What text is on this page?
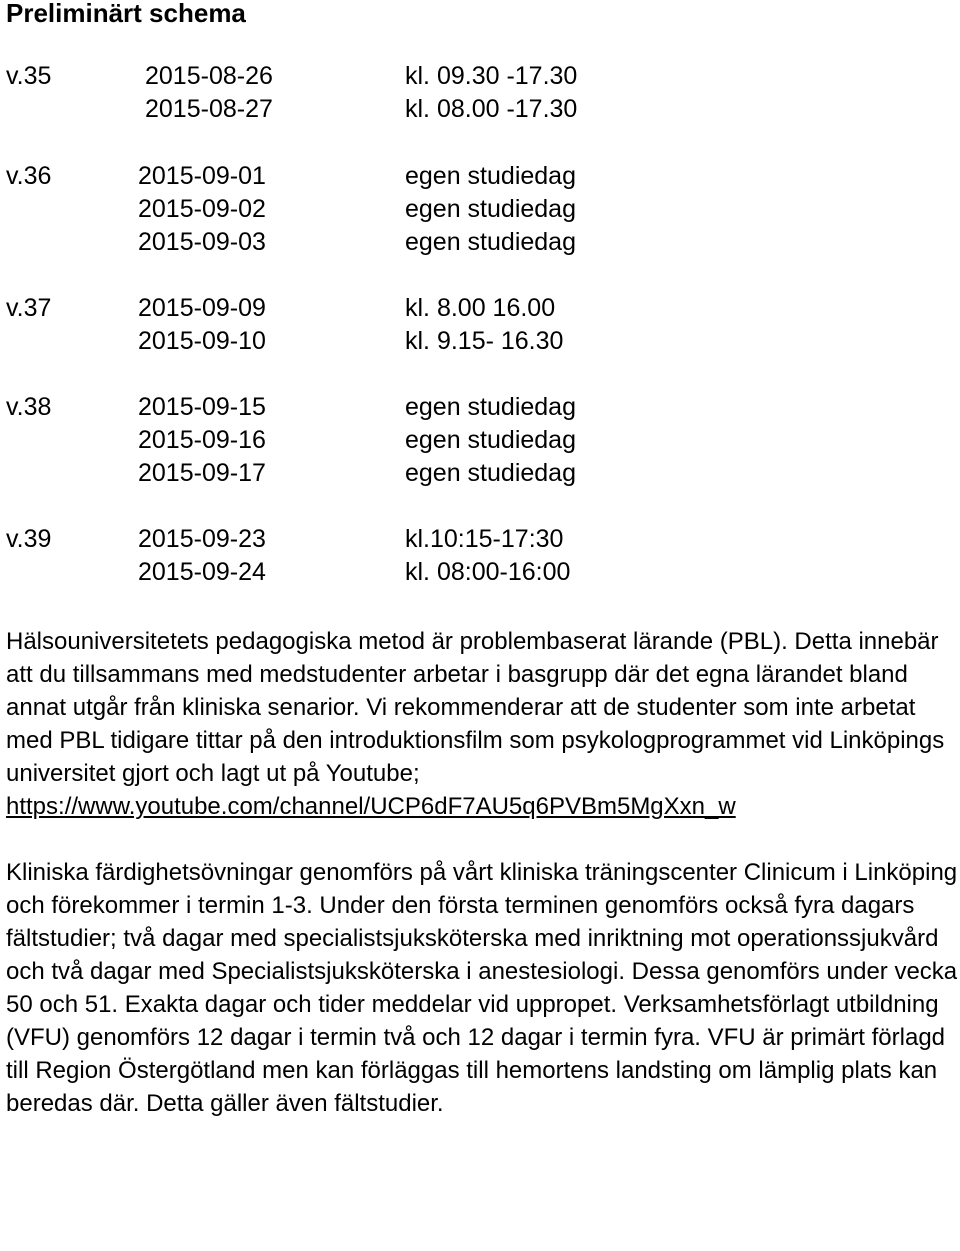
Preliminärt schema
v.35	2015-08-26	kl. 09.30 -17.30
2015-08-27	kl. 08.00 -17.30
v.36	2015-09-01	egen studiedag
2015-09-02	egen studiedag
2015-09-03	egen studiedag
v.37	2015-09-09	kl. 8.00 16.00
2015-09-10	kl. 9.15- 16.30
v.38	2015-09-15	egen studiedag
2015-09-16	egen studiedag
2015-09-17	egen studiedag
v.39	2015-09-23	kl.10:15-17:30
2015-09-24	kl. 08:00-16:00

Hälsouniversitetets pedagogiska metod är problembaserat lärande (PBL). Detta innebär att du tillsammans med medstudenter arbetar i basgrupp där det egna lärandet bland annat utgår från kliniska senarior. Vi rekommenderar att de studenter som inte arbetat med PBL tidigare tittar på den introduktionsfilm som psykologprogrammet vid Linköpings universitet gjort och lagt ut på Youtube;
https://www.youtube.com/channel/UCP6dF7AU5q6PVBm5MgXxn_w

Kliniska färdighetsövningar genomförs på vårt kliniska träningscenter Clinicum i Linköping och förekommer i termin 1-3. Under den första terminen genomförs också fyra dagars fältstudier; två dagar med specialistsjuksköterska med inriktning mot operationssjukvård och två dagar med Specialistsjuksköterska i anestesiologi. Dessa genomförs under vecka 50 och 51. Exakta dagar och tider meddelar vid uppropet. Verksamhetsförlagt utbildning (VFU) genomförs 12 dagar i termin två och 12 dagar i termin fyra. VFU är primärt förlagd till Region Östergötland men kan förläggas till hemortens landsting om lämplig plats kan beredas där. Detta gäller även fältstudier.
